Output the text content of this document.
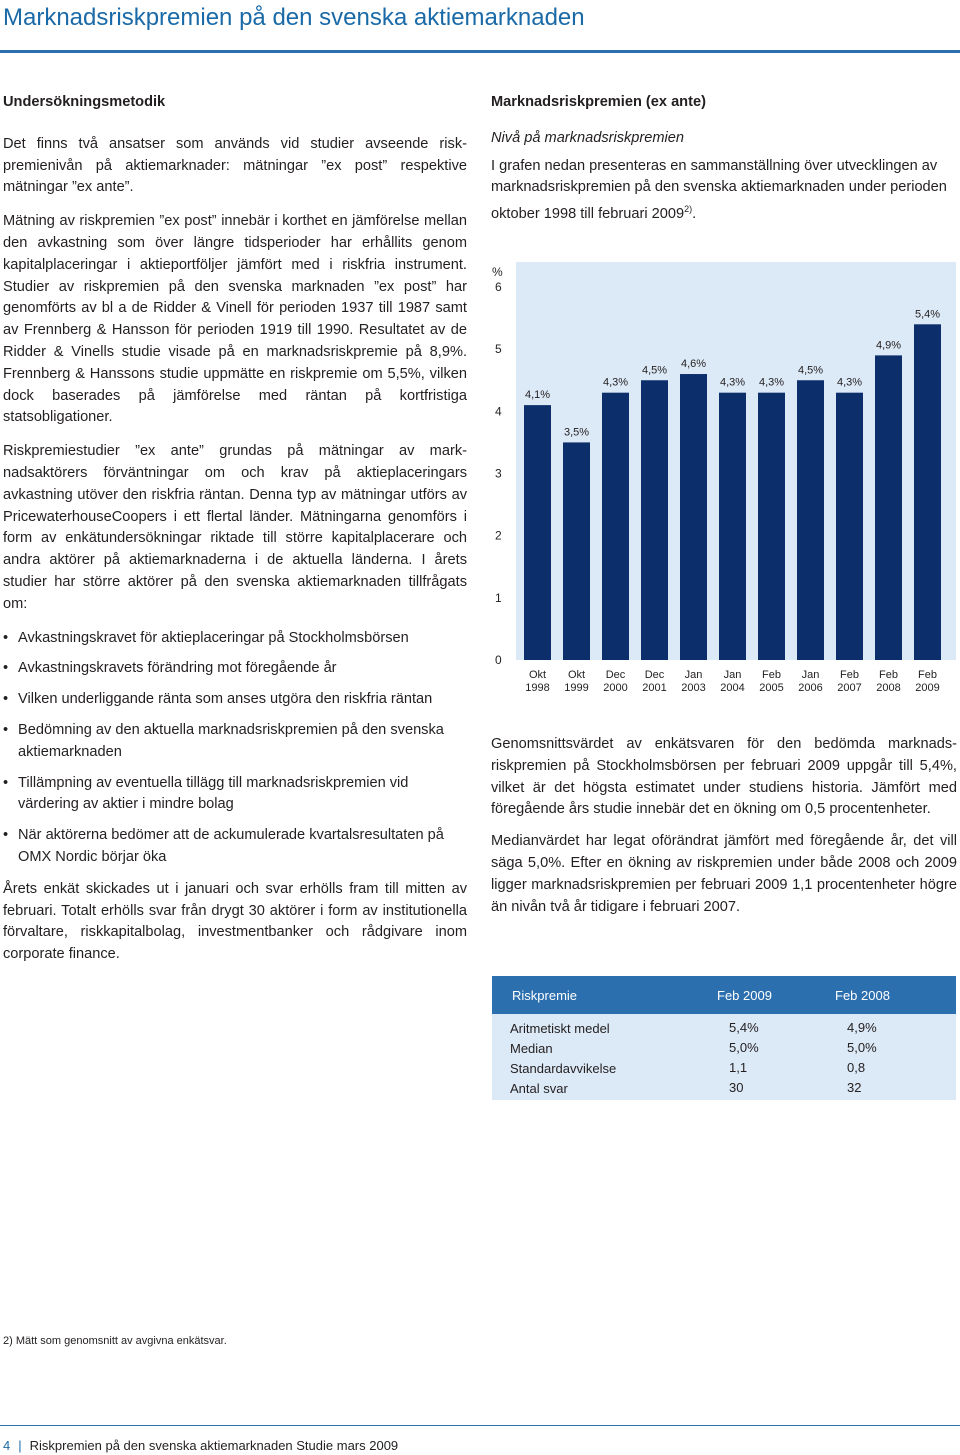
Marknadsriskpremien på den svenska aktiemarknaden
Undersökningsmetodik

Det finns två ansatser som används vid studier avseende riskpremienivån på aktiemarknader: mätningar ”ex post” respektive mätningar ”ex ante”.

Mätning av riskpremien ”ex post” innebär i korthet en jämförelse mellan den avkastning som över längre tidsperioder har erhållits genom kapitalplaceringar i aktieportföljer jämfört med i riskfria instrument. Studier av riskpremien på den svenska marknaden ”ex post” har genomförts av bl a de Ridder & Vinell för perioden 1937 till 1987 samt av Frennberg & Hansson för perioden 1919 till 1990. Resultatet av de Ridder & Vinells studie visade på en marknadsriskpremie på 8,9%. Frennberg & Hanssons studie uppmätte en riskpremie om 5,5%, vilken dock baserades på jämförelse med räntan på kortfristiga statsobligationer.

Riskpremiestudier ”ex ante” grundas på mätningar av marknadsaktörers förväntningar om och krav på aktieplaceringars avkastning utöver den riskfria räntan. Denna typ av mätningar utförs av PricewaterhouseCoopers i ett flertal länder. Mätningarna genomförs i form av enkätundersökningar riktade till större kapitalplacerare och andra aktörer på aktiemarknaderna i de aktuella länderna. I årets studier har större aktörer på den svenska aktiemarknaden tillfrågats om:

• Avkastningskravet för aktieplaceringar på Stockholmsbörsen
• Avkastningskravets förändring mot föregående år
• Vilken underliggande ränta som anses utgöra den riskfria räntan
• Bedömning av den aktuella marknadsriskpremien på den svenska aktiemarknaden
• Tillämpning av eventuella tillägg till marknadsriskpremien vid värdering av aktier i mindre bolag
• När aktörerna bedömer att de ackumulerade kvartalsresultaten på OMX Nordic börjar öka

Årets enkät skickades ut i januari och svar erhölls fram till mitten av februari. Totalt erhölls svar från drygt 30 aktörer i form av institutionella förvaltare, riskkapitalbolag, investmentbanker och rådgivare inom corporate finance.

Marknadsriskpremien (ex ante)
Nivå på marknadsriskpremien

I grafen nedan presenteras en sammanställning över utvecklingen av marknadsriskpremien på den svenska aktiemarknaden under perioden oktober 1998 till februari 2009$^{2)}$.

%
0
1
2
3
4
5
6
4,1%
Okt
1998
3,5%
Okt
1999
4,3%
Dec
2000
4,5%
Dec
2001
4,6%
Jan
2003
4,3%
Jan
2004
4,3%
Feb
2005
4,5%
Jan
2006
4,3%
Feb
2007
4,9%
Feb
2008
5,4%
Feb
2009

Genomsnittsvärdet av enkätsvaren för den bedömda marknadsriskpremien på Stockholmsbörsen per februari 2009 uppgår till 5,4%, vilket är det högsta estimatet under studiens historia. Jämfört med föregående års studie innebär det en ökning om 0,5 procentenheter.

Medianvärdet har legat oförändrat jämfört med föregående år, det vill säga 5,0%. Efter en ökning av riskpremien under både 2008 och 2009 ligger marknadsriskpremien per februari 2009 1,1 procentenheter högre än nivån två år tidigare i februari 2007.

Riskpremie	Feb 2009	Feb 2008
Aritmetiskt medel	5,4%	4,9%
Median	5,0%	5,0%
Standardavvikelse	1,1	0,8
Antal svar	30	32
2) Mätt som genomsnitt av avgivna enkätsvar.
4 | Riskpremien på den svenska aktiemarknaden Studie mars 2009
